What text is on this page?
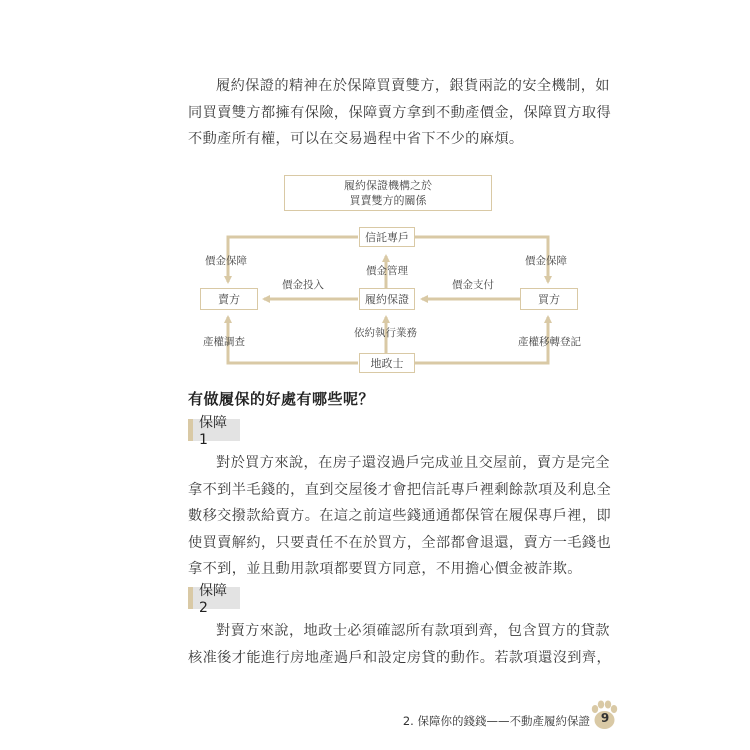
履約保證的精神在於保障買賣雙方，銀貨兩訖的安全機制，如
同買賣雙方都擁有保險，保障賣方拿到不動產價金，保障買方取得
不動產所有權，可以在交易過程中省下不少的麻煩。
履約保證機構之於
買賣雙方的關係
信託專戶
履約保證
賣方	買方
地政士
價金保障	價金保障
價金管理
價金投入	價金支付
產權調查
依約執行業務
產權移轉登記
有做履保的好處有哪些呢？
保障 1
對於買方來說，在房子還沒過戶完成並且交屋前，賣方是完全
拿不到半毛錢的，直到交屋後才會把信託專戶裡剩餘款項及利息全
數移交撥款給賣方。在這之前這些錢通通都保管在履保專戶裡，即
使買賣解約，只要責任不在於買方，全部都會退還，賣方一毛錢也
拿不到，並且動用款項都要買方同意，不用擔心價金被詐欺。
保障 2
對賣方來說，地政士必須確認所有款項到齊，包含買方的貸款
核准後才能進行房地產過戶和設定房貸的動作。若款項還沒到齊，
2. 保障你的錢錢——不動產履約保證 9
